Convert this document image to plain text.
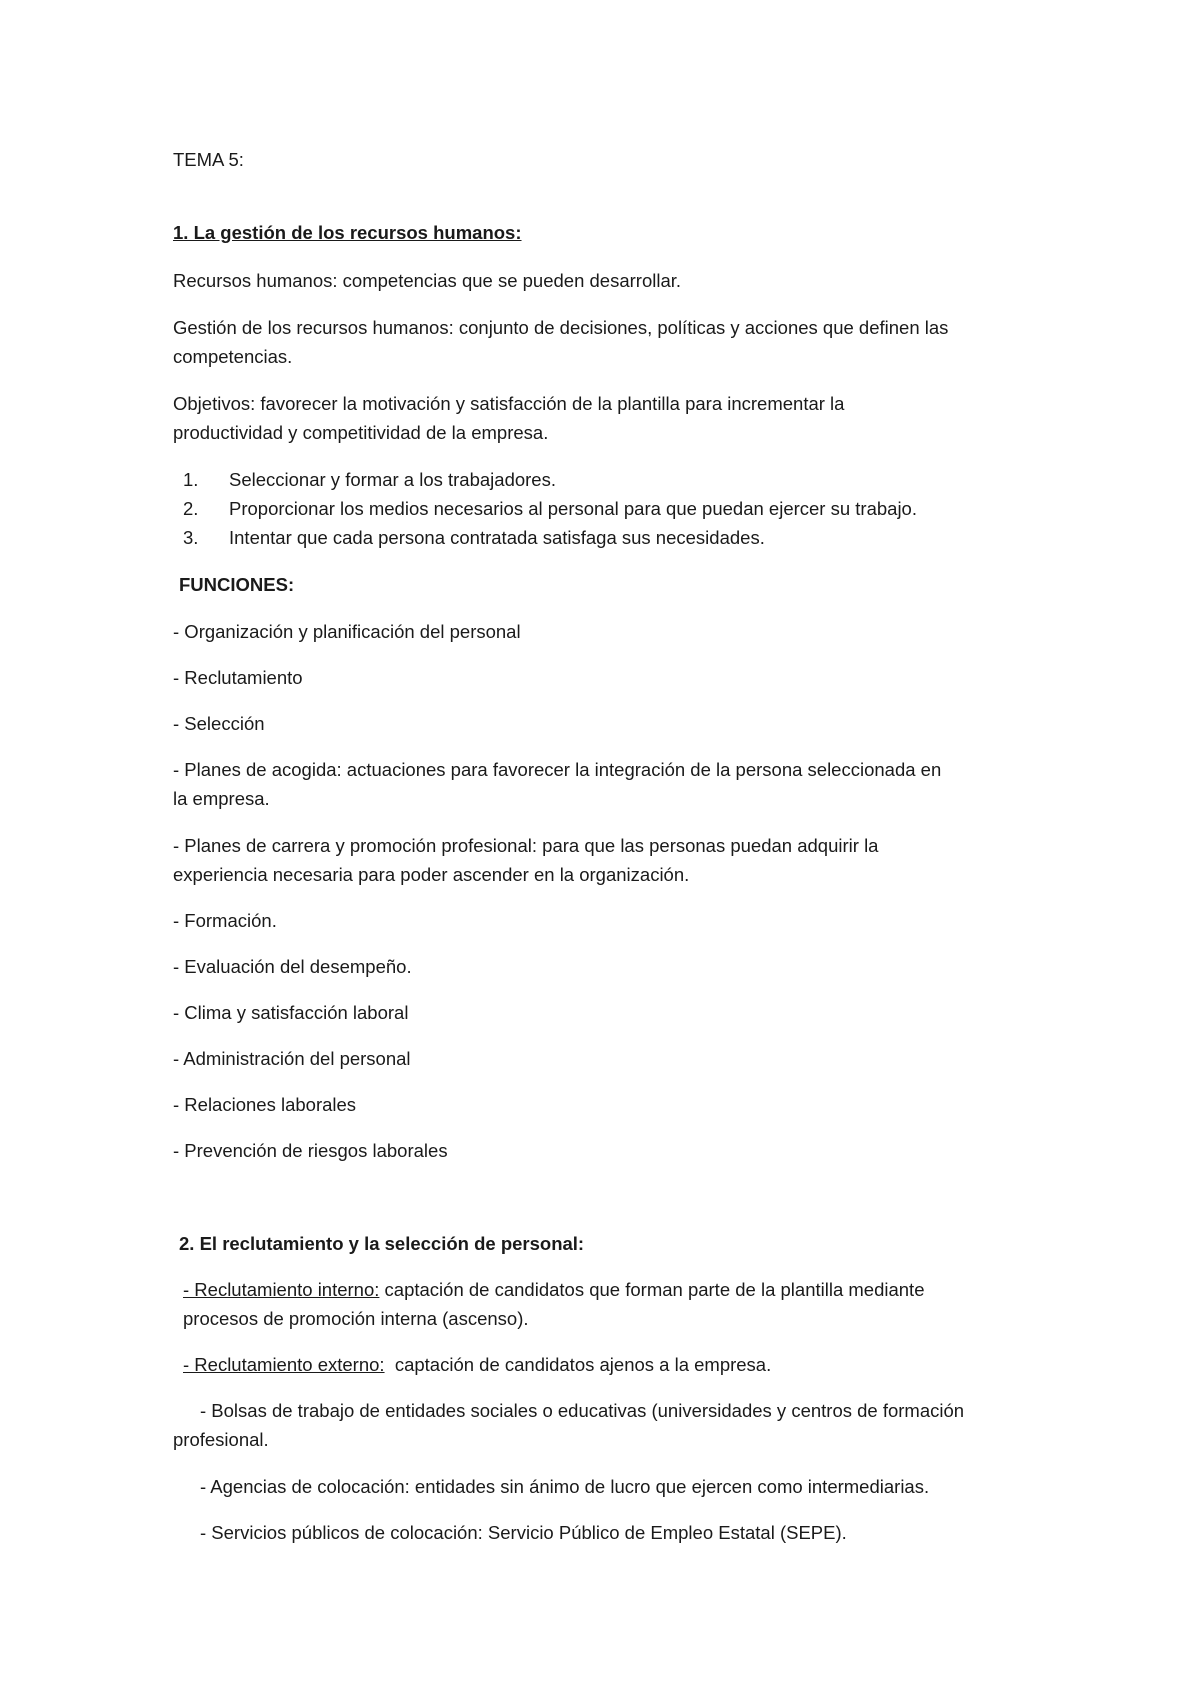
TEMA 5:
1. La gestión de los recursos humanos:
Recursos humanos: competencias que se pueden desarrollar.
Gestión de los recursos humanos: conjunto de decisiones, políticas y acciones que definen las
competencias.
Objetivos: favorecer la motivación y satisfacción de la plantilla para incrementar la
productividad y competitividad de la empresa.
1. Seleccionar y formar a los trabajadores.
2. Proporcionar los medios necesarios al personal para que puedan ejercer su trabajo.
3. Intentar que cada persona contratada satisfaga sus necesidades.
FUNCIONES:
- Organización y planificación del personal
- Reclutamiento
- Selección
- Planes de acogida: actuaciones para favorecer la integración de la persona seleccionada en
la empresa.
- Planes de carrera y promoción profesional: para que las personas puedan adquirir la
experiencia necesaria para poder ascender en la organización.
- Formación.
- Evaluación del desempeño.
- Clima y satisfacción laboral
- Administración del personal
- Relaciones laborales
- Prevención de riesgos laborales
2. El reclutamiento y la selección de personal:
- Reclutamiento interno: captación de candidatos que forman parte de la plantilla mediante
procesos de promoción interna (ascenso).
- Reclutamiento externo:  captación de candidatos ajenos a la empresa.
- Bolsas de trabajo de entidades sociales o educativas (universidades y centros de formación
profesional.
- Agencias de colocación: entidades sin ánimo de lucro que ejercen como intermediarias.
- Servicios públicos de colocación: Servicio Público de Empleo Estatal (SEPE).
